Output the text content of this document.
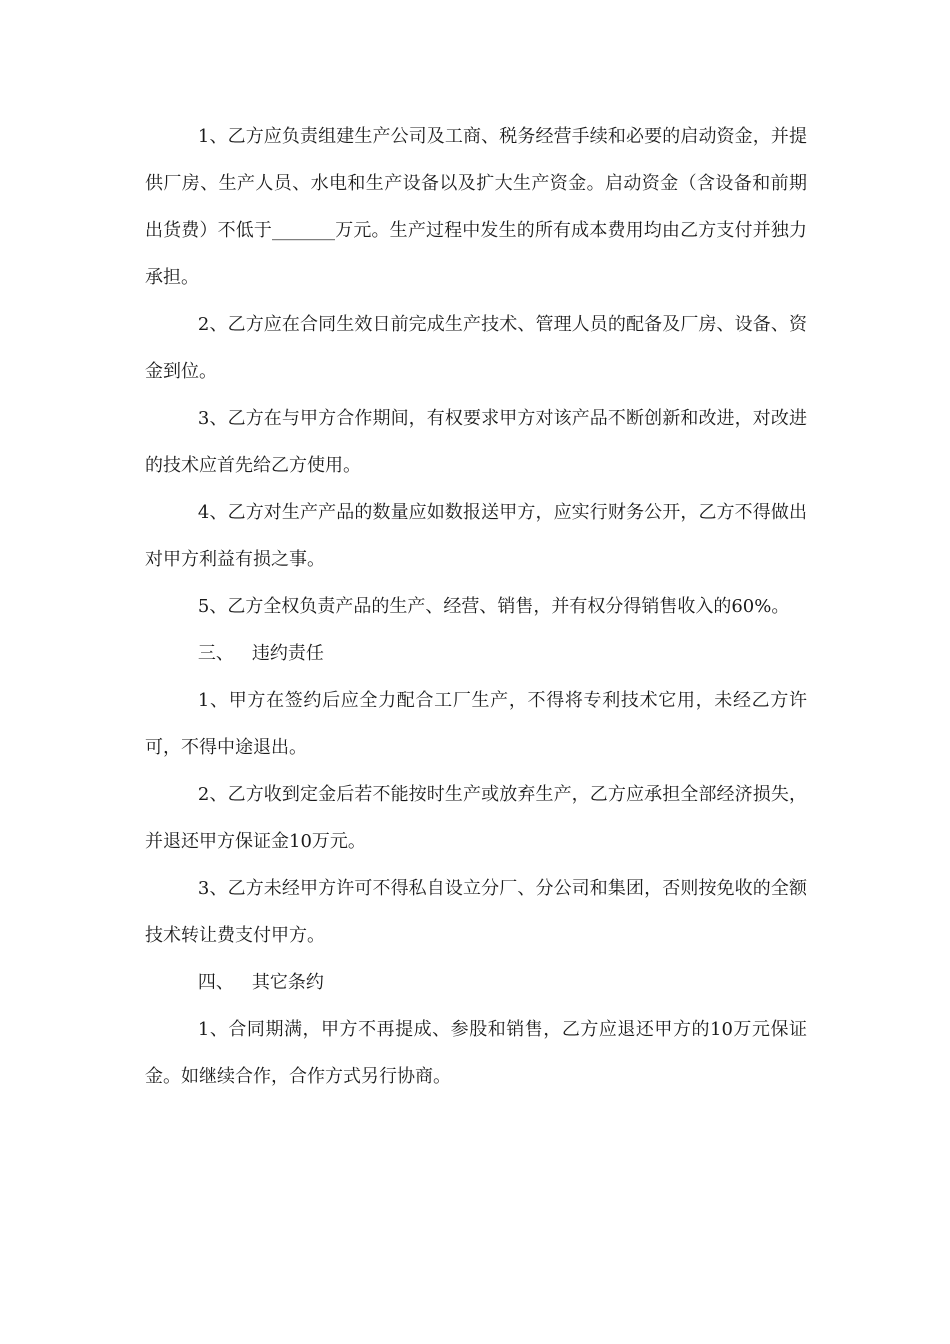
1、乙方应负责组建生产公司及工商、税务经营手续和必要的启动资金，并提供厂房、生产人员、水电和生产设备以及扩大生产资金。启动资金（含设备和前期出货费）不低于_______万元。生产过程中发生的所有成本费用均由乙方支付并独力承担。

2、乙方应在合同生效日前完成生产技术、管理人员的配备及厂房、设备、资金到位。

3、乙方在与甲方合作期间，有权要求甲方对该产品不断创新和改进，对改进的技术应首先给乙方使用。

4、乙方对生产产品的数量应如数报送甲方，应实行财务公开，乙方不得做出对甲方利益有损之事。

5、乙方全权负责产品的生产、经营、销售，并有权分得销售收入的60%。

三、 违约责任

1、甲方在签约后应全力配合工厂生产，不得将专利技术它用，未经乙方许可，不得中途退出。

2、乙方收到定金后若不能按时生产或放弃生产，乙方应承担全部经济损失，并退还甲方保证金10万元。

3、乙方未经甲方许可不得私自设立分厂、分公司和集团，否则按免收的全额技术转让费支付甲方。

四、 其它条约

1、合同期满，甲方不再提成、参股和销售，乙方应退还甲方的10万元保证金。如继续合作，合作方式另行协商。
